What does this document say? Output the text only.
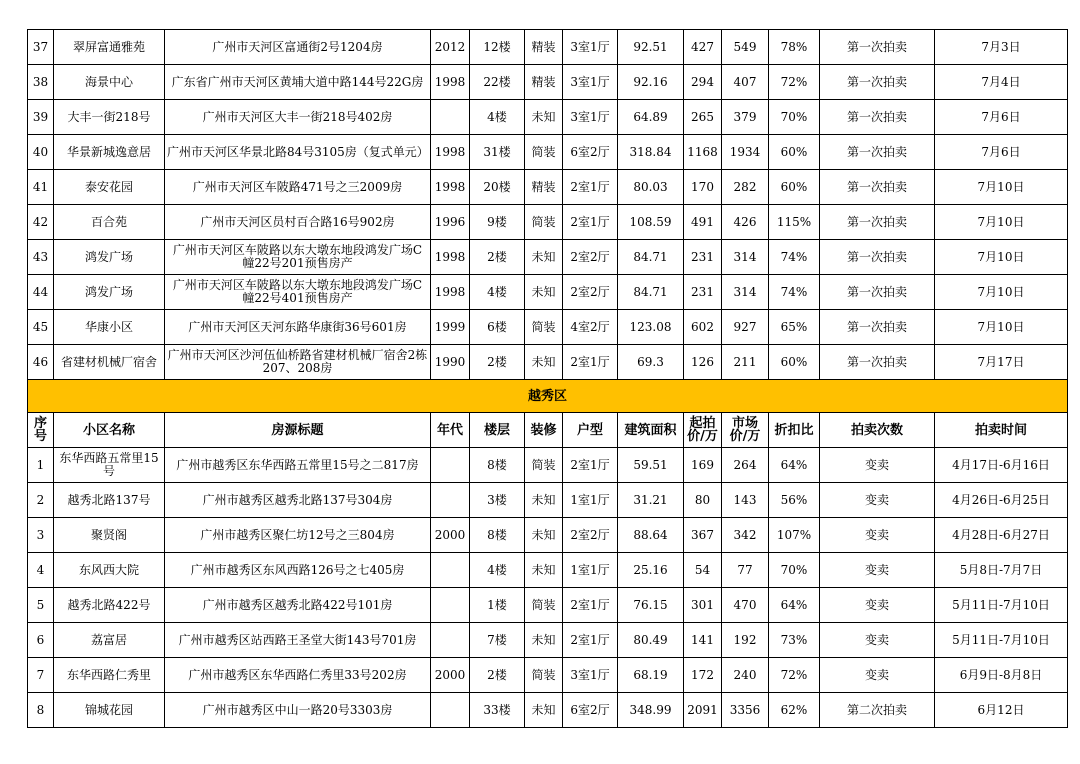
37	翠屏富通雅苑	广州市天河区富通街2号1204房	2012	12楼	精装	3室1厅	92.51	427	549	78%	第一次拍卖	7月3日
38	海景中心	广东省广州市天河区黄埔大道中路144号22G房	1998	22楼	精装	3室1厅	92.16	294	407	72%	第一次拍卖	7月4日
39	大丰一街218号	广州市天河区大丰一街218号402房		4楼	未知	3室1厅	64.89	265	379	70%	第一次拍卖	7月6日
40	华景新城逸意居	广州市天河区华景北路84号3105房（复式单元）	1998	31楼	简装	6室2厅	318.84	1168	1934	60%	第一次拍卖	7月6日
41	泰安花园	广州市天河区车陂路471号之三2009房	1998	20楼	精装	2室1厅	80.03	170	282	60%	第一次拍卖	7月10日
42	百合苑	广州市天河区员村百合路16号902房	1996	9楼	简装	2室1厅	108.59	491	426	115%	第一次拍卖	7月10日
43	鸿发广场	广州市天河区车陂路以东大墩东地段鸿发广场C幢22号201预售房产	1998	2楼	未知	2室2厅	84.71	231	314	74%	第一次拍卖	7月10日
44	鸿发广场	广州市天河区车陂路以东大墩东地段鸿发广场C幢22号401预售房产	1998	4楼	未知	2室2厅	84.71	231	314	74%	第一次拍卖	7月10日
45	华康小区	广州市天河区天河东路华康街36号601房	1999	6楼	简装	4室2厅	123.08	602	927	65%	第一次拍卖	7月10日
46	省建材机械厂宿舍	广州市天河区沙河伍仙桥路省建材机械厂宿舍2栋207、208房	1990	2楼	未知	2室1厅	69.3	126	211	60%	第一次拍卖	7月17日
越秀区												
序号	小区名称	房源标题	年代	楼层	装修	户型	建筑面积	起拍价/万	市场价/万	折扣比	拍卖次数	拍卖时间
1	东华西路五常里15号	广州市越秀区东华西路五常里15号之二817房		8楼	简装	2室1厅	59.51	169	264	64%	变卖	4月17日-6月16日
2	越秀北路137号	广州市越秀区越秀北路137号304房		3楼	未知	1室1厅	31.21	80	143	56%	变卖	4月26日-6月25日
3	聚贤阁	广州市越秀区聚仁坊12号之三804房	2000	8楼	未知	2室2厅	88.64	367	342	107%	变卖	4月28日-6月27日
4	东风西大院	广州市越秀区东风西路126号之七405房		4楼	未知	1室1厅	25.16	54	77	70%	变卖	5月8日-7月7日
5	越秀北路422号	广州市越秀区越秀北路422号101房		1楼	简装	2室1厅	76.15	301	470	64%	变卖	5月11日-7月10日
6	荔富居	广州市越秀区站西路王圣堂大街143号701房		7楼	未知	2室1厅	80.49	141	192	73%	变卖	5月11日-7月10日
7	东华西路仁秀里	广州市越秀区东华西路仁秀里33号202房	2000	2楼	简装	3室1厅	68.19	172	240	72%	变卖	6月9日-8月8日
8	锦城花园	广州市越秀区中山一路20号3303房		33楼	未知	6室2厅	348.99	2091	3356	62%	第二次拍卖	6月12日
